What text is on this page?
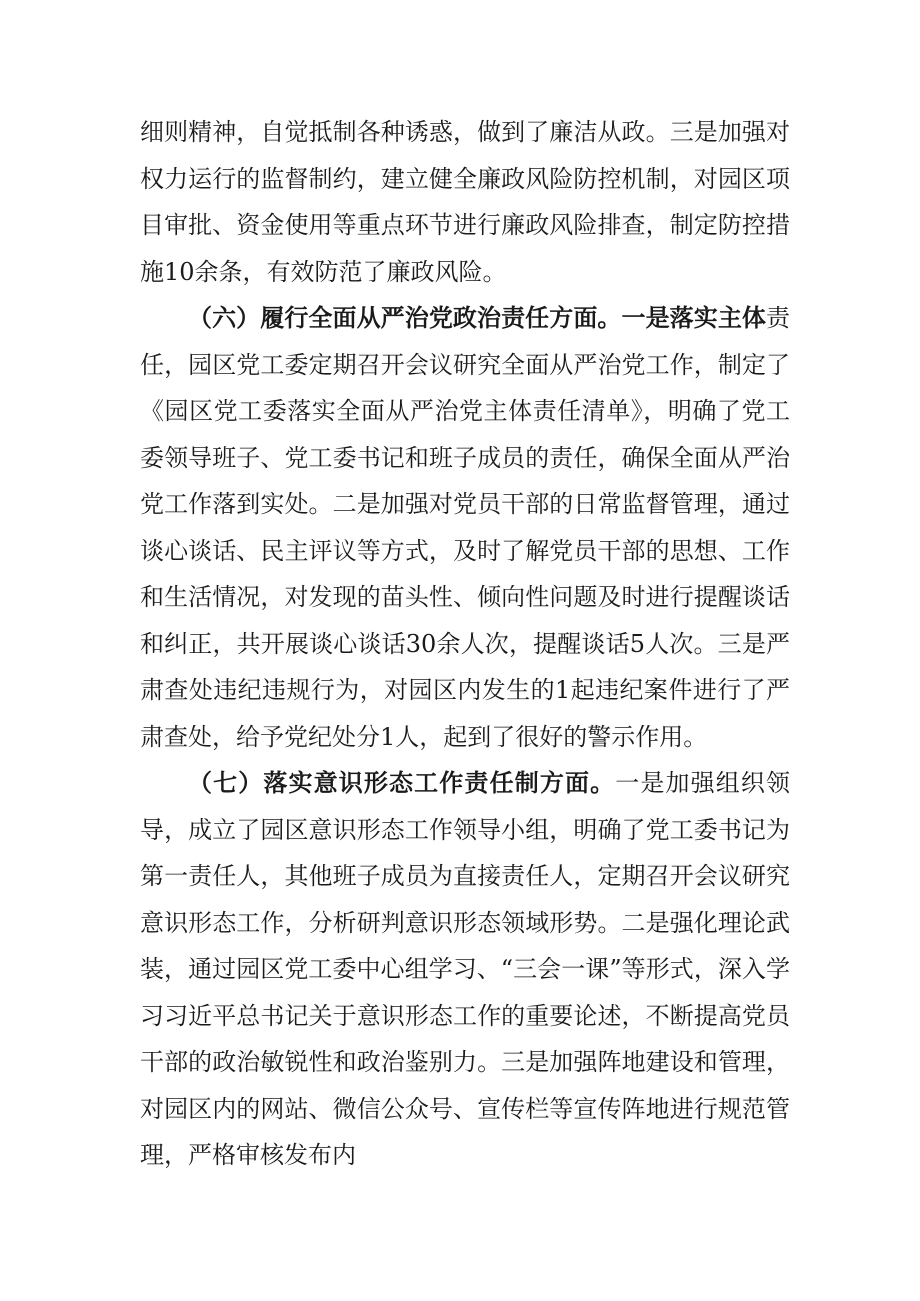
细则精神，自觉抵制各种诱惑，做到了廉洁从政。三是加强对权力运行的监督制约，建立健全廉政风险防控机制，对园区项目审批、资金使用等重点环节进行廉政风险排查，制定防控措施10余条，有效防范了廉政风险。

（六）履行全面从严治党政治责任方面。一是落实主体责任，园区党工委定期召开会议研究全面从严治党工作，制定了《园区党工委落实全面从严治党主体责任清单》，明确了党工委领导班子、党工委书记和班子成员的责任，确保全面从严治党工作落到实处。二是加强对党员干部的日常监督管理，通过谈心谈话、民主评议等方式，及时了解党员干部的思想、工作和生活情况，对发现的苗头性、倾向性问题及时进行提醒谈话和纠正，共开展谈心谈话30余人次，提醒谈话5人次。三是严肃查处违纪违规行为，对园区内发生的1起违纪案件进行了严肃查处，给予党纪处分1人，起到了很好的警示作用。

（七）落实意识形态工作责任制方面。一是加强组织领导，成立了园区意识形态工作领导小组，明确了党工委书记为第一责任人，其他班子成员为直接责任人，定期召开会议研究意识形态工作，分析研判意识形态领域形势。二是强化理论武装，通过园区党工委中心组学习、“三会一课”等形式，深入学习习近平总书记关于意识形态工作的重要论述，不断提高党员干部的政治敏锐性和政治鉴别力。三是加强阵地建设和管理，对园区内的网站、微信公众号、宣传栏等宣传阵地进行规范管理，严格审核发布内
